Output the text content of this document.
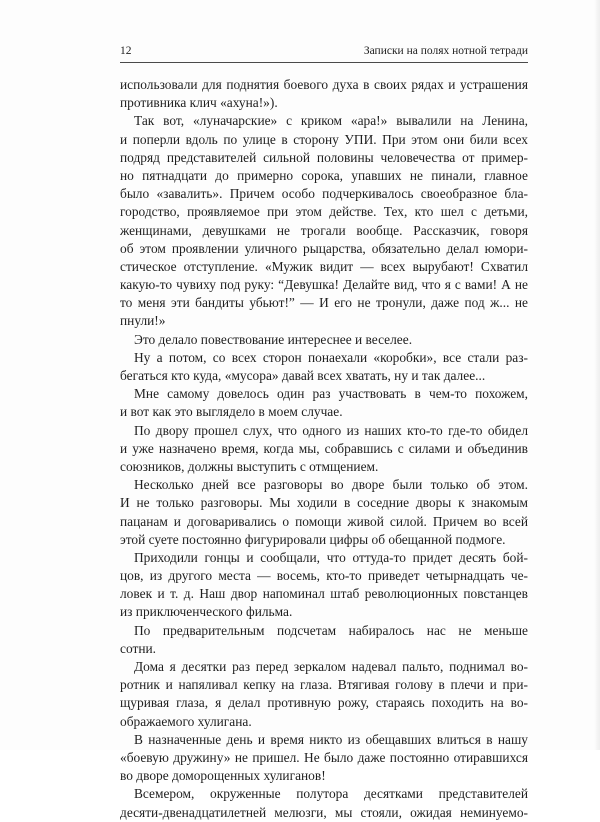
12	Записки на полях нотной тетради
использовали для поднятия боевого духа в своих рядах и устрашения
противника клич «ахуна!»).
Так вот, «луначарские» с криком «ара!» вывалили на Ленина,
и поперли вдоль по улице в сторону УПИ. При этом они били всех
подряд представителей сильной половины человечества от пример-
но пятнадцати до примерно сорока, упавших не пинали, главное
было «завалить». Причем особо подчеркивалось своеобразное бла-
городство, проявляемое при этом действе. Тех, кто шел с детьми,
женщинами, девушками не трогали вообще. Рассказчик, говоря
об этом проявлении уличного рыцарства, обязательно делал юмори-
стическое отступление. «Мужик видит — всех вырубают! Схватил
какую-то чувиху под руку: “Девушка! Делайте вид, что я с вами! А не
то меня эти бандиты убьют!” — И его не тронули, даже под ж... не
пнули!»
Это делало повествование интереснее и веселее.
Ну а потом, со всех сторон понаехали «коробки», все стали раз-
бегаться кто куда, «мусора» давай всех хватать, ну и так далее...
Мне самому довелось один раз участвовать в чем-то похожем,
и вот как это выглядело в моем случае.
По двору прошел слух, что одного из наших кто-то где-то обидел
и уже назначено время, когда мы, собравшись с силами и объединив
союзников, должны выступить с отмщением.
Несколько дней все разговоры во дворе были только об этом.
И не только разговоры. Мы ходили в соседние дворы к знакомым
пацанам и договаривались о помощи живой силой. Причем во всей
этой суете постоянно фигурировали цифры об обещанной подмоге.
Приходили гонцы и сообщали, что оттуда-то придет десять бой-
цов, из другого места — восемь, кто-то приведет четырнадцать че-
ловек и т. д. Наш двор напоминал штаб революционных повстанцев
из приключенческого фильма.
По предварительным подсчетам набиралось нас не меньше
сотни.
Дома я десятки раз перед зеркалом надевал пальто, поднимал во-
ротник и напяливал кепку на глаза. Втягивая голову в плечи и при-
щуривая глаза, я делал противную рожу, стараясь походить на во-
ображаемого хулигана.
В назначенные день и время никто из обещавших влиться в нашу
«боевую дружину» не пришел. Не было даже постоянно отиравшихся
во дворе доморощенных хулиганов!
Всемером, окруженные полутора десятками представителей
десяти-двенадцатилетней мелюзги, мы стояли, ожидая неминуемо-
